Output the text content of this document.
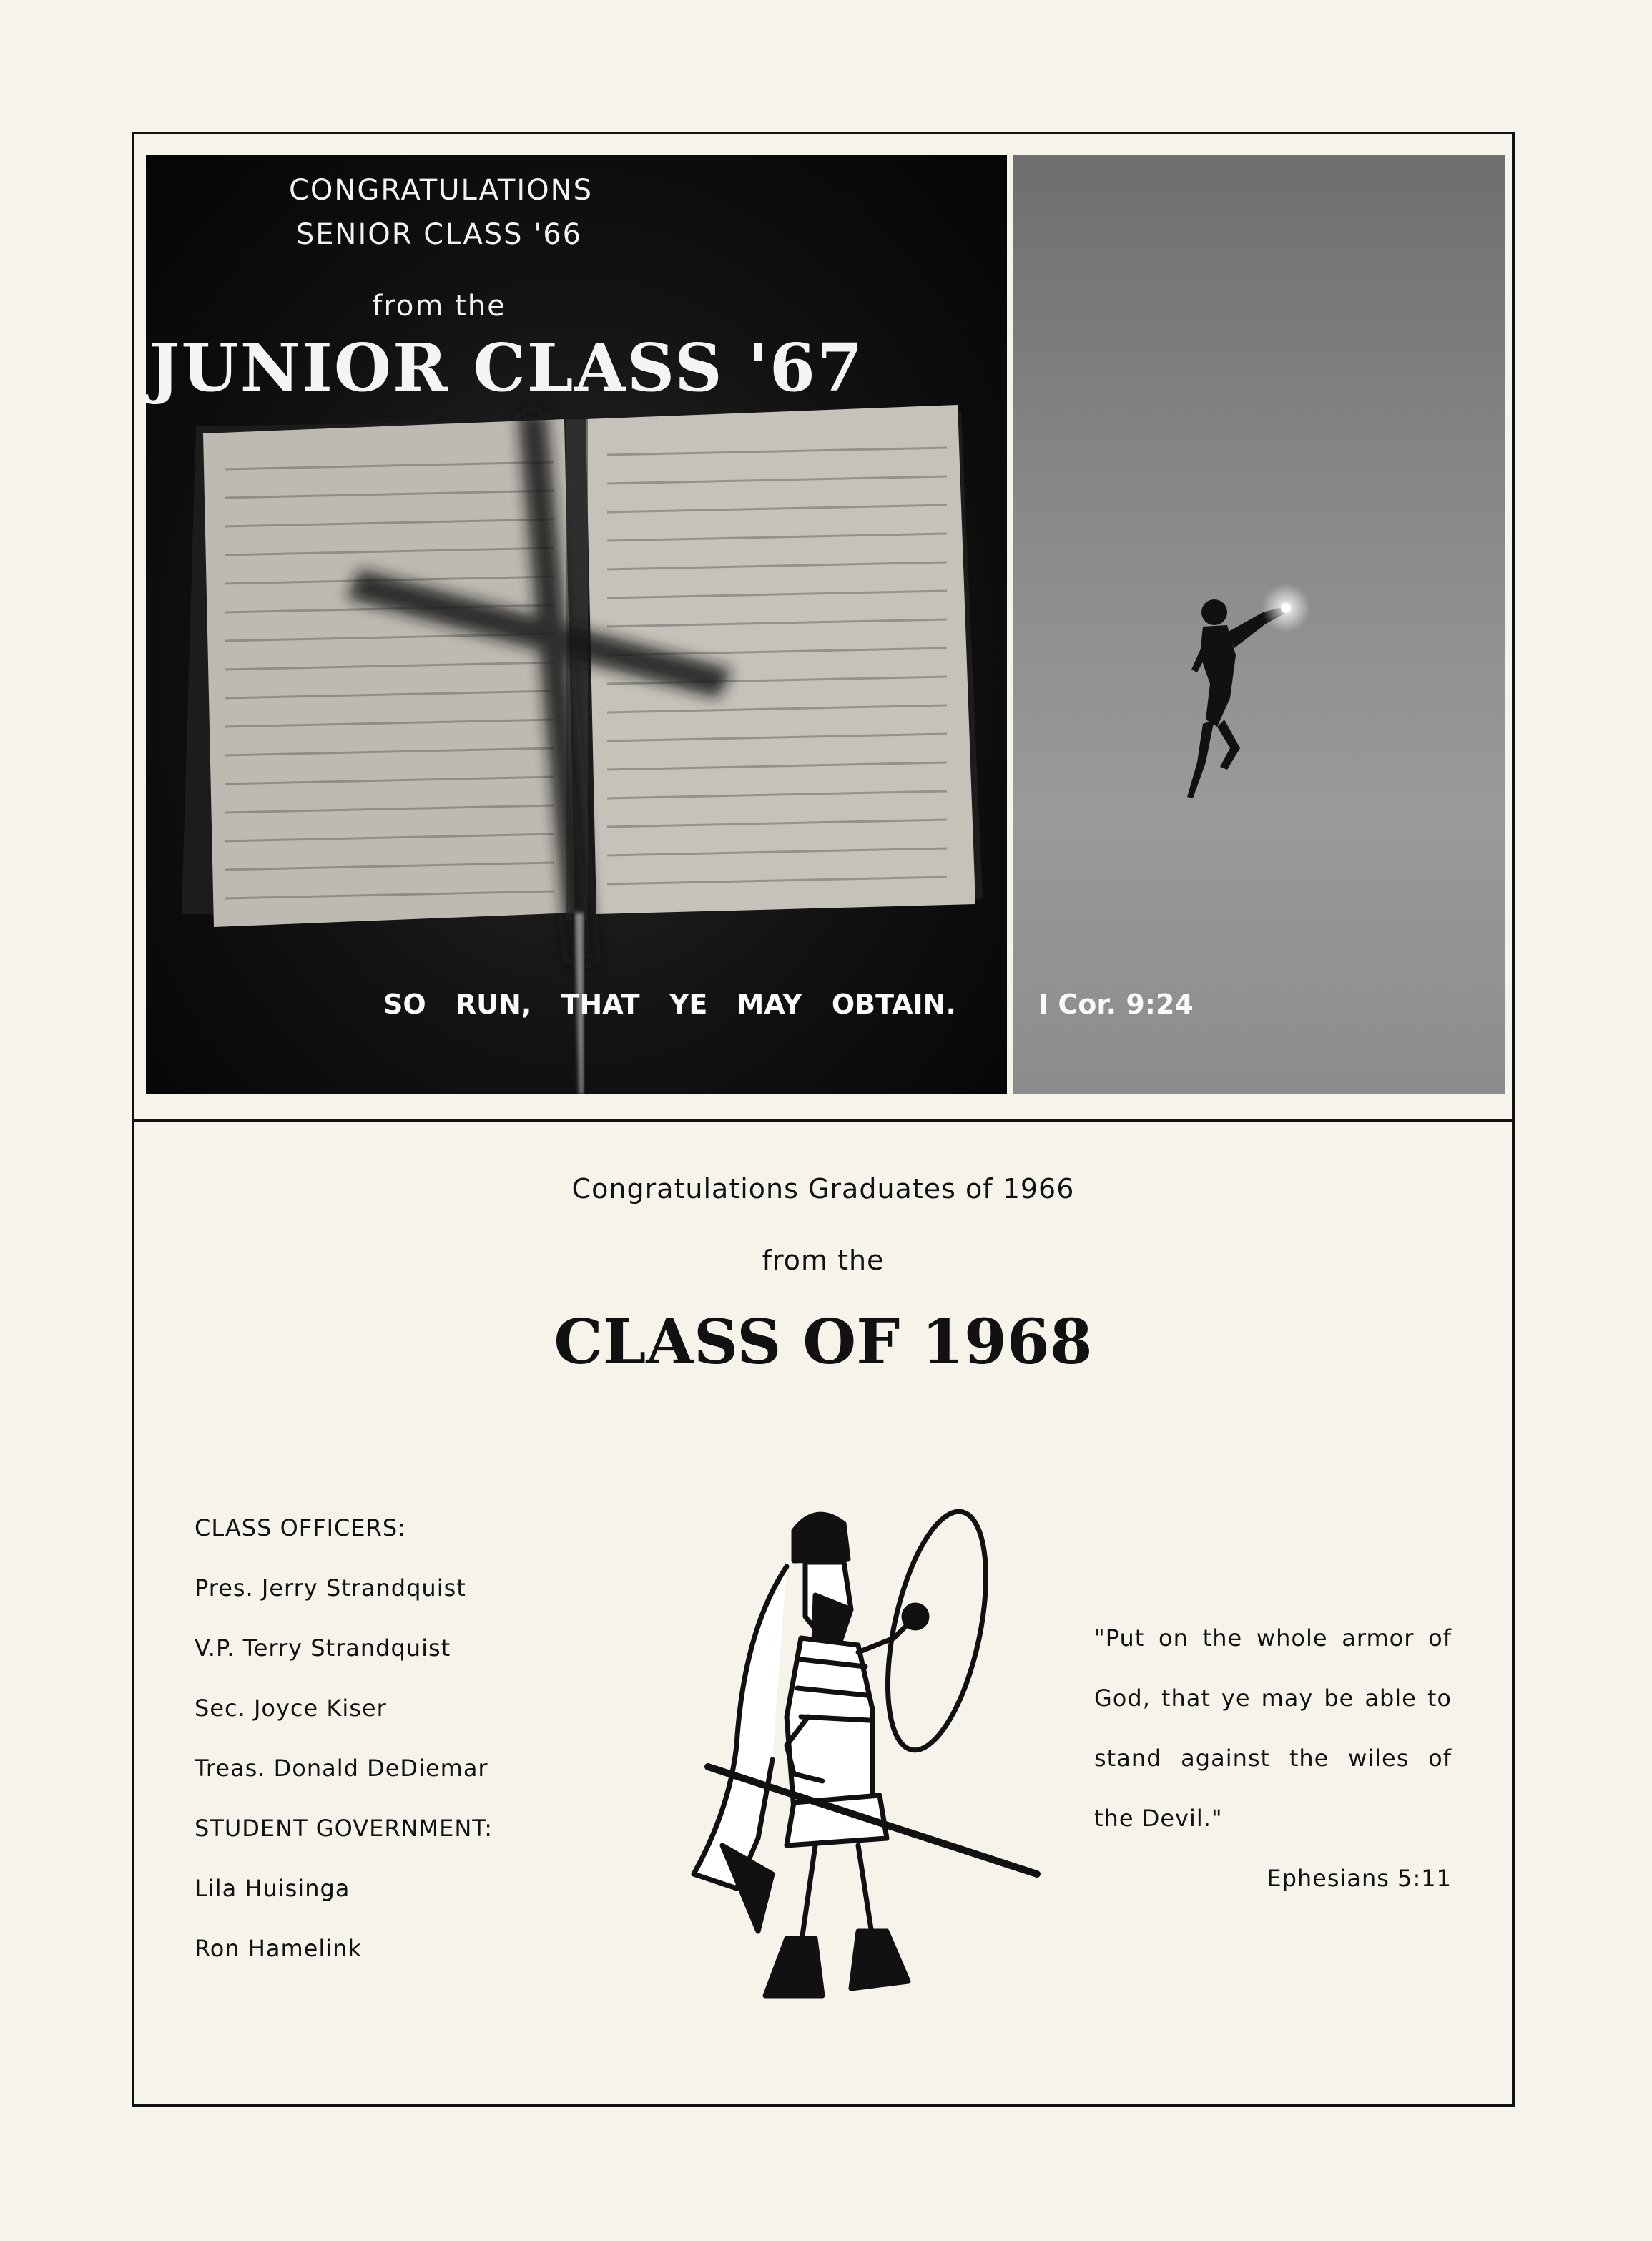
CONGRATULATIONS
SENIOR CLASS '66
from the
JUNIOR CLASS '67
SO RUN, THAT YE MAY OBTAIN.	I Cor. 9:24
Congratulations Graduates of 1966
from the
CLASS OF 1968
CLASS OFFICERS:
Pres. Jerry Strandquist
V.P. Terry Strandquist
Sec. Joyce Kiser
Treas. Donald DeDiemar
STUDENT GOVERNMENT:
Lila Huisinga
Ron Hamelink
"Put on the whole armor of
God, that ye may be able to
stand against the wiles of
the Devil."
Ephesians 5:11
